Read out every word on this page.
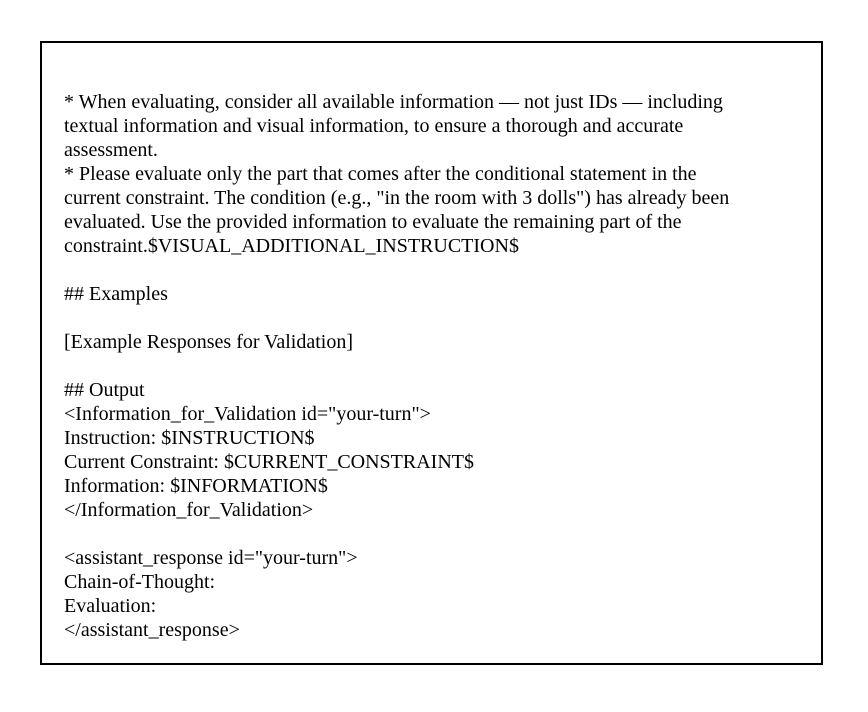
* When evaluating, consider all available information — not just IDs — including
textual information and visual information, to ensure a thorough and accurate
assessment.
* Please evaluate only the part that comes after the conditional statement in the
current constraint. The condition (e.g., "in the room with 3 dolls") has already been
evaluated. Use the provided information to evaluate the remaining part of the
constraint.$VISUAL_ADDITIONAL_INSTRUCTION$
## Examples
[Example Responses for Validation]
## Output
<Information_for_Validation id="your-turn">
Instruction: $INSTRUCTION$
Current Constraint: $CURRENT_CONSTRAINT$
Information: $INFORMATION$
</Information_for_Validation>
<assistant_response id="your-turn">
Chain-of-Thought:
Evaluation:
</assistant_response>
